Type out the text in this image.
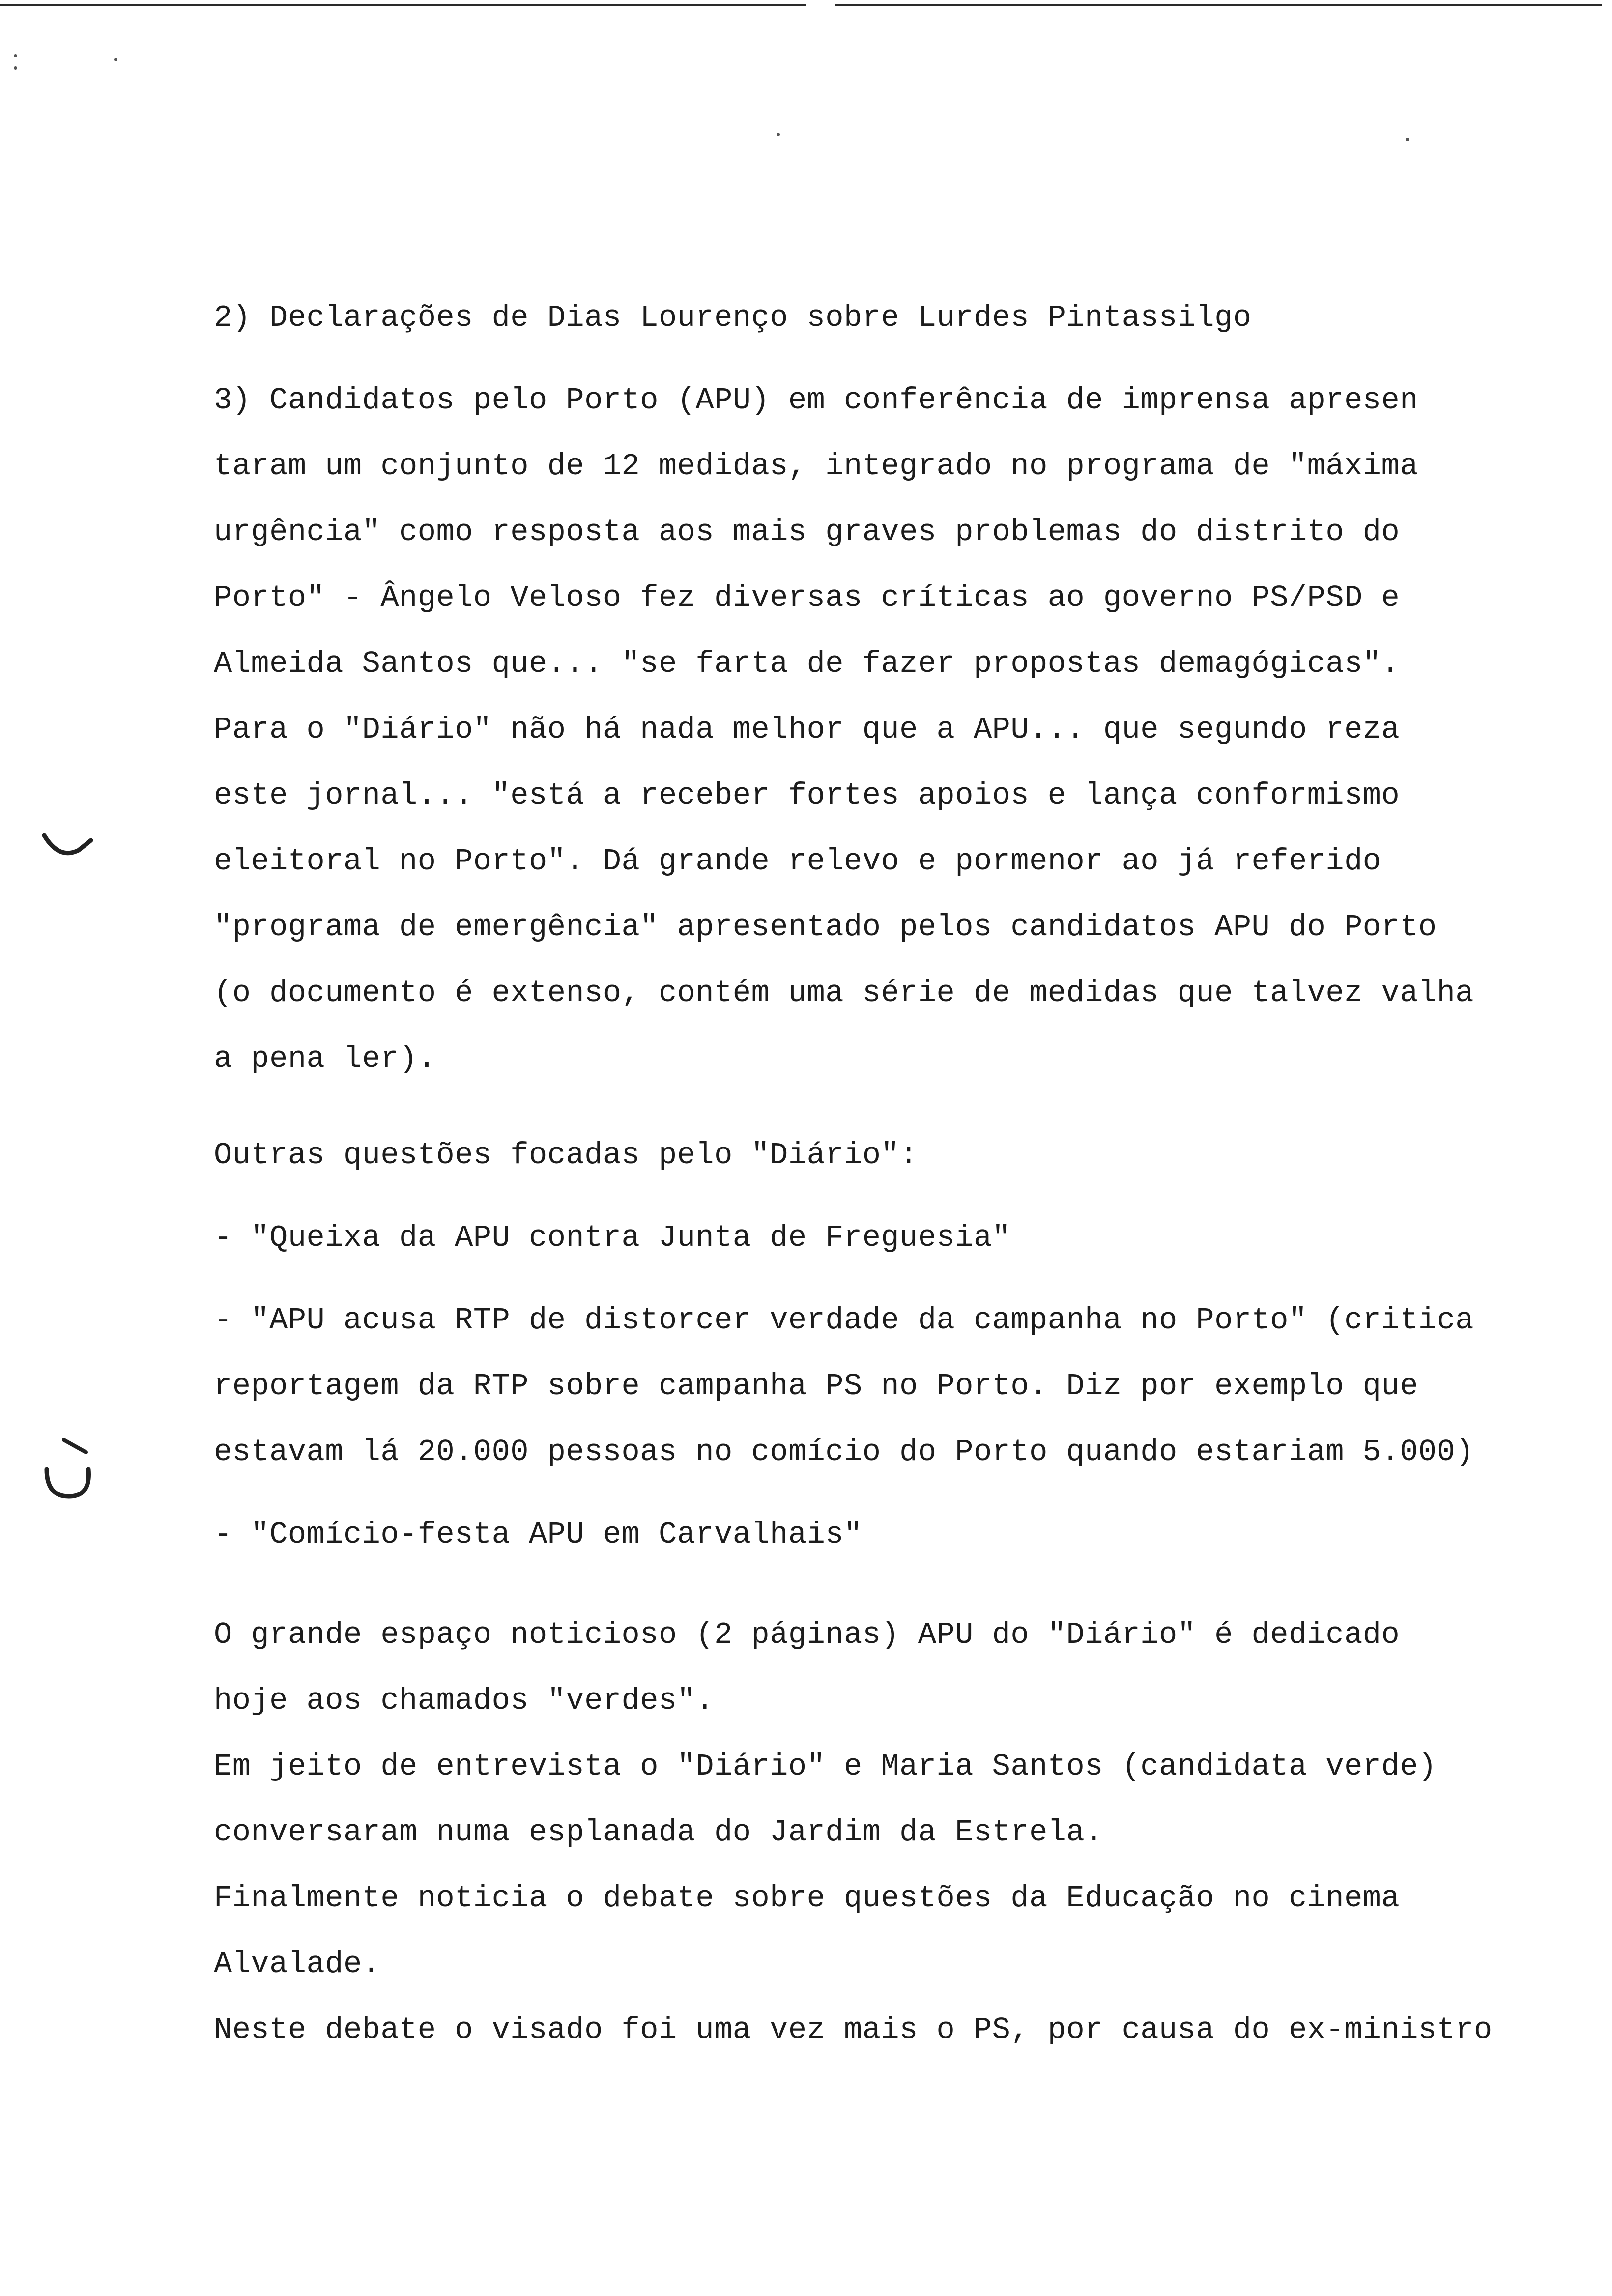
2) Declarações de Dias Lourenço sobre Lurdes Pintassilgo
3) Candidatos pelo Porto (APU) em conferência de imprensa apresen
taram um conjunto de 12 medidas, integrado no programa de "máxima
urgência" como resposta aos mais graves problemas do distrito do
Porto" - Ângelo Veloso fez diversas críticas ao governo PS/PSD e
Almeida Santos que... "se farta de fazer propostas demagógicas".
Para o "Diário" não há nada melhor que a APU... que segundo reza
este jornal... "está a receber fortes apoios e lança conformismo
eleitoral no Porto". Dá grande relevo e pormenor ao já referido
"programa de emergência" apresentado pelos candidatos APU do Porto
(o documento é extenso, contém uma série de medidas que talvez valha
a pena ler).
Outras questões focadas pelo "Diário":
- "Queixa da APU contra Junta de Freguesia"
- "APU acusa RTP de distorcer verdade da campanha no Porto" (critica
reportagem da RTP sobre campanha PS no Porto. Diz por exemplo que
estavam lá 20.000 pessoas no comício do Porto quando estariam 5.000)
- "Comício-festa APU em Carvalhais"
O grande espaço noticioso (2 páginas) APU do "Diário" é dedicado
hoje aos chamados "verdes".
Em jeito de entrevista o "Diário" e Maria Santos (candidata verde)
conversaram numa esplanada do Jardim da Estrela.
Finalmente noticia o debate sobre questões da Educação no cinema
Alvalade.
Neste debate o visado foi uma vez mais o PS, por causa do ex-ministro
